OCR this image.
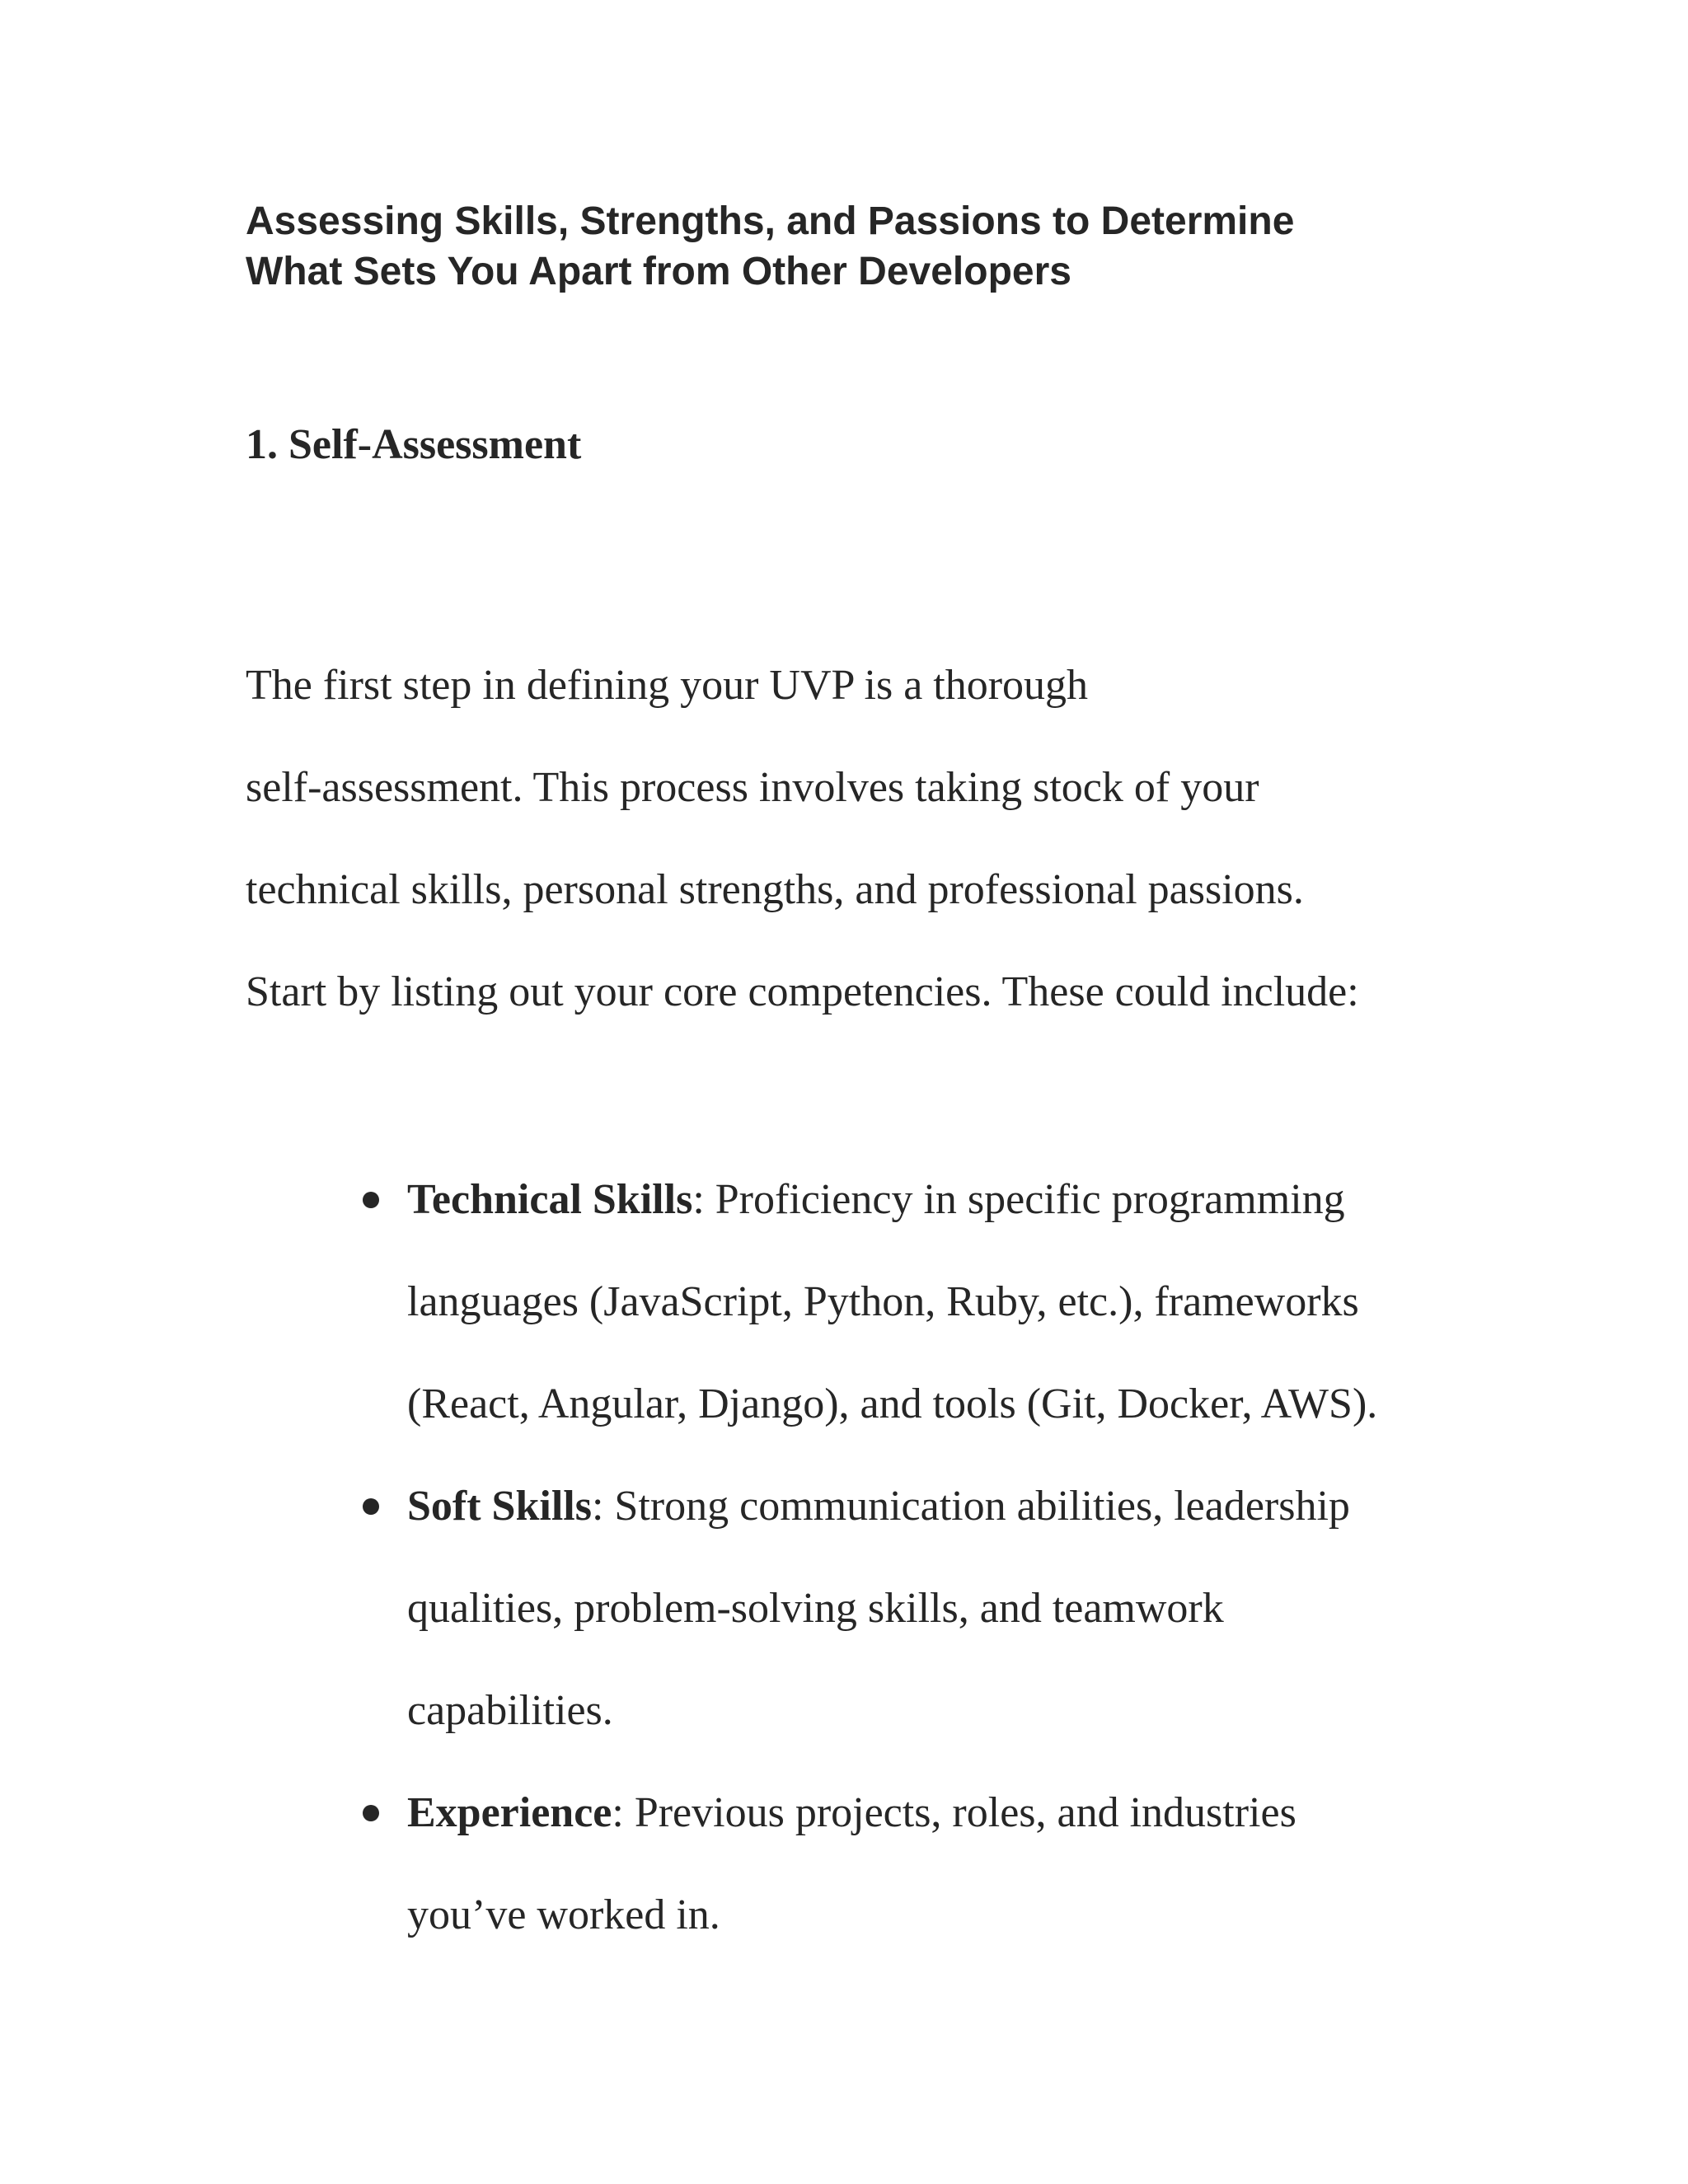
Assessing Skills, Strengths, and Passions to Determine
What Sets You Apart from Other Developers
1. Self-Assessment

The first step in defining your UVP is a thorough
self-assessment. This process involves taking stock of your
technical skills, personal strengths, and professional passions.
Start by listing out your core competencies. These could include:

Technical Skills: Proficiency in specific programming
languages (JavaScript, Python, Ruby, etc.), frameworks
(React, Angular, Django), and tools (Git, Docker, AWS).
Soft Skills: Strong communication abilities, leadership
qualities, problem-solving skills, and teamwork
capabilities.
Experience: Previous projects, roles, and industries
you’ve worked in.
